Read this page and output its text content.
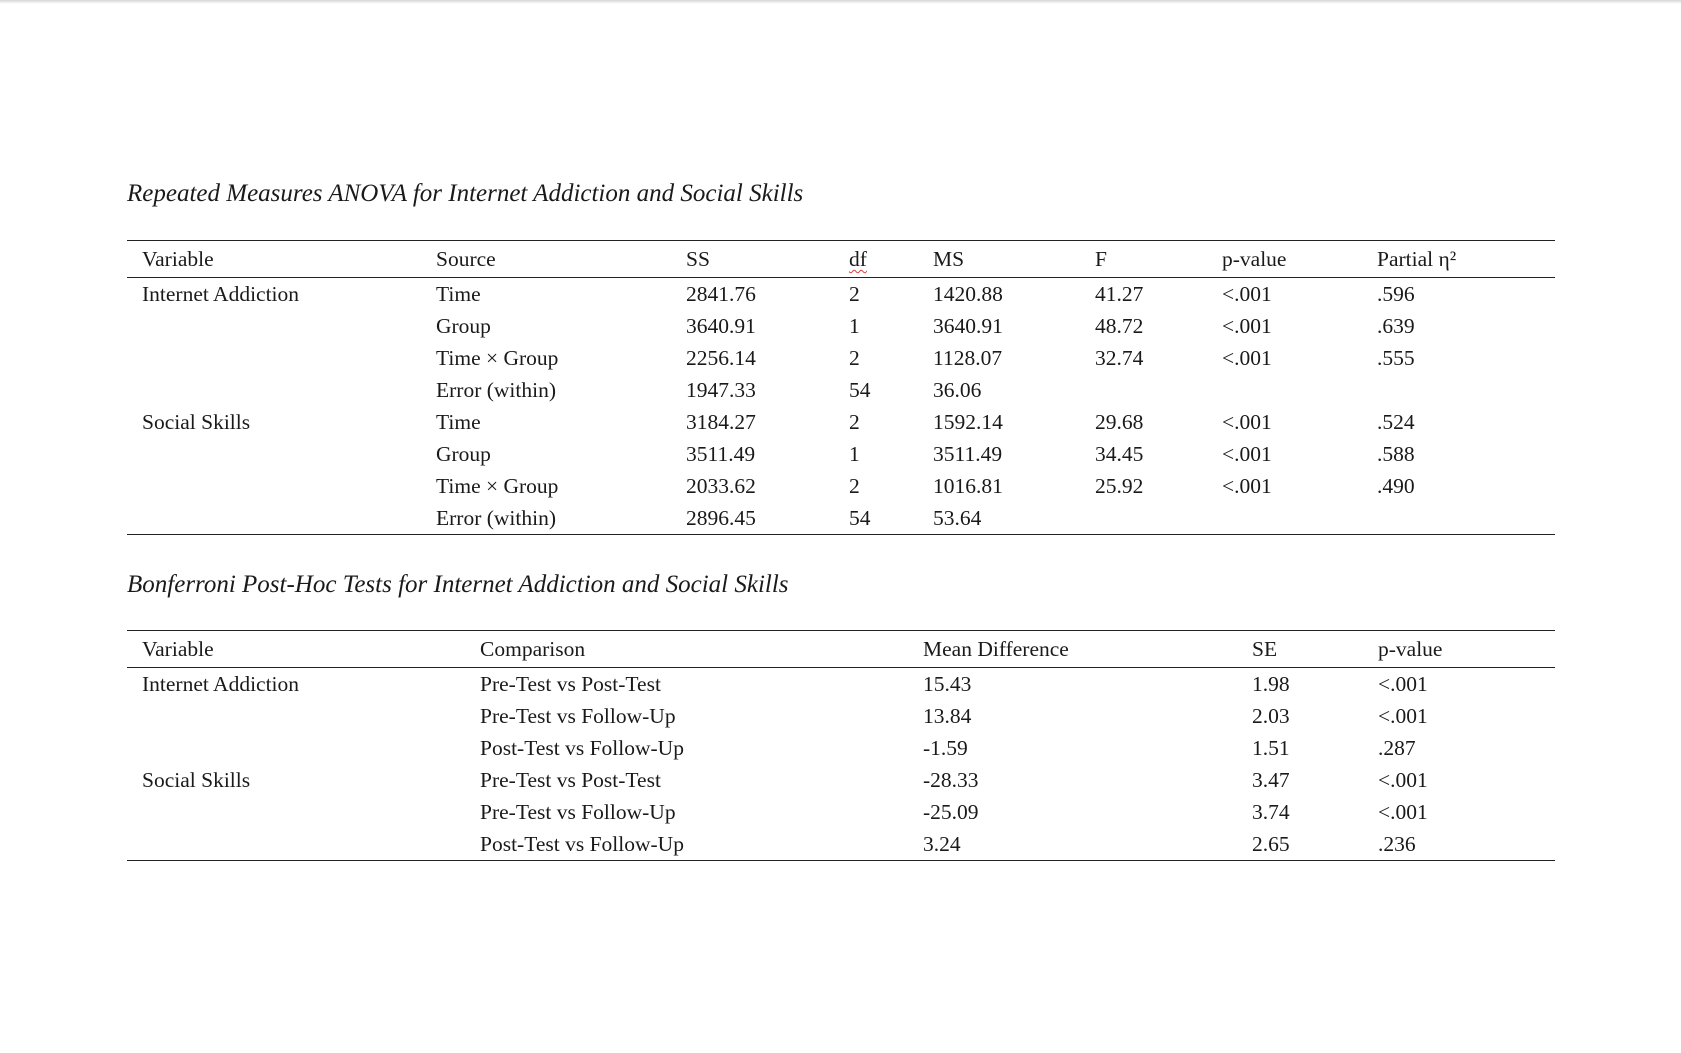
Repeated Measures ANOVA for Internet Addiction and Social Skills
Variable	Source	SS	df	MS	F	p-value	Partial η²
Internet Addiction	Time	2841.76	2	1420.88	41.27	<.001	.596
	Group	3640.91	1	3640.91	48.72	<.001	.639
	Time × Group	2256.14	2	1128.07	32.74	<.001	.555
	Error (within)	1947.33	54	36.06			
Social Skills	Time	3184.27	2	1592.14	29.68	<.001	.524
	Group	3511.49	1	3511.49	34.45	<.001	.588
	Time × Group	2033.62	2	1016.81	25.92	<.001	.490
	Error (within)	2896.45	54	53.64			
Bonferroni Post-Hoc Tests for Internet Addiction and Social Skills
Variable	Comparison	Mean Difference	SE	p-value
Internet Addiction	Pre-Test vs Post-Test	15.43	1.98	<.001
	Pre-Test vs Follow-Up	13.84	2.03	<.001
	Post-Test vs Follow-Up	-1.59	1.51	.287
Social Skills	Pre-Test vs Post-Test	-28.33	3.47	<.001
	Pre-Test vs Follow-Up	-25.09	3.74	<.001
	Post-Test vs Follow-Up	3.24	2.65	.236
